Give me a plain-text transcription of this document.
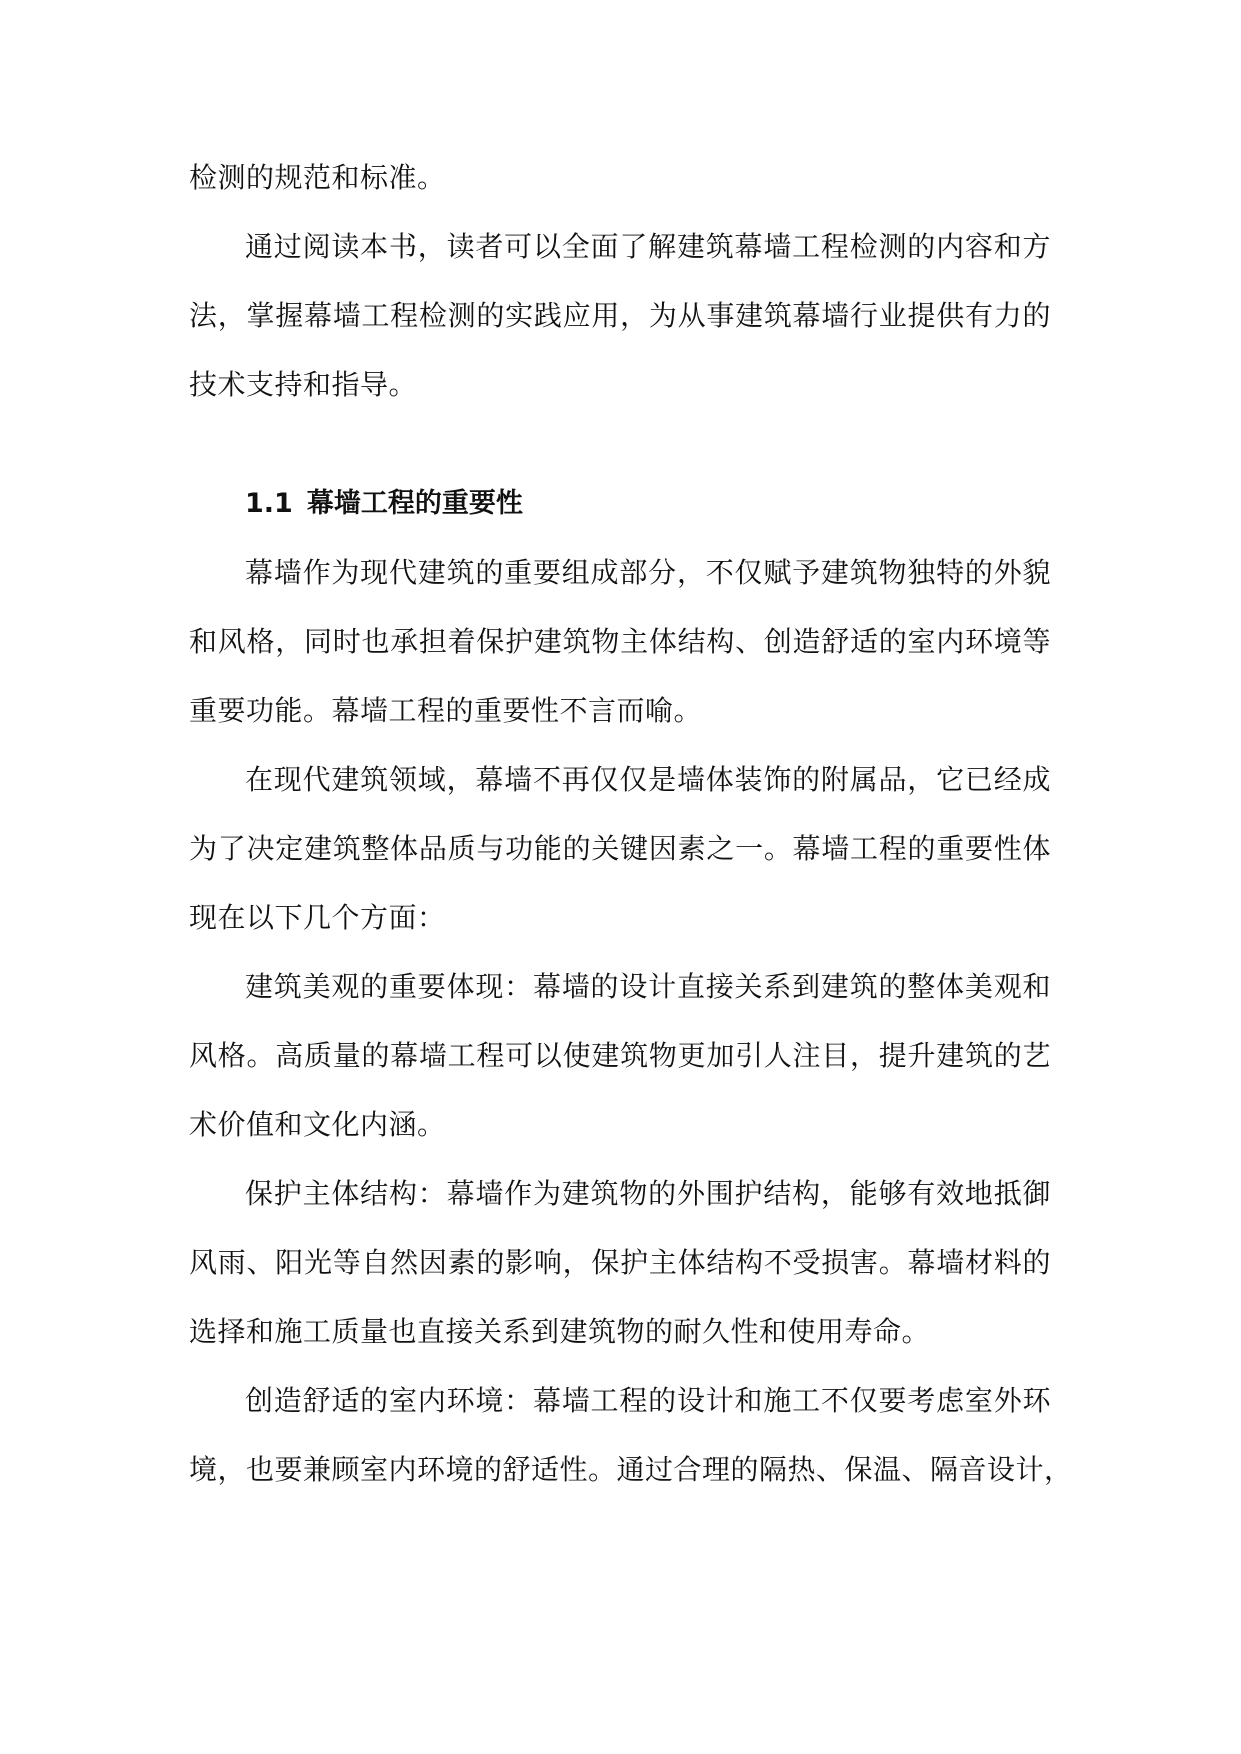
检测的规范和标准。
通过阅读本书，读者可以全面了解建筑幕墙工程检测的内容和方
法，掌握幕墙工程检测的实践应用，为从事建筑幕墙行业提供有力的
技术支持和指导。
1.1 幕墙工程的重要性
幕墙作为现代建筑的重要组成部分，不仅赋予建筑物独特的外貌
和风格，同时也承担着保护建筑物主体结构、创造舒适的室内环境等
重要功能。幕墙工程的重要性不言而喻。
在现代建筑领域，幕墙不再仅仅是墙体装饰的附属品，它已经成
为了决定建筑整体品质与功能的关键因素之一。幕墙工程的重要性体
现在以下几个方面：
建筑美观的重要体现：幕墙的设计直接关系到建筑的整体美观和
风格。高质量的幕墙工程可以使建筑物更加引人注目，提升建筑的艺
术价值和文化内涵。
保护主体结构：幕墙作为建筑物的外围护结构，能够有效地抵御
风雨、阳光等自然因素的影响，保护主体结构不受损害。幕墙材料的
选择和施工质量也直接关系到建筑物的耐久性和使用寿命。
创造舒适的室内环境：幕墙工程的设计和施工不仅要考虑室外环
境，也要兼顾室内环境的舒适性。通过合理的隔热、保温、隔音设计，
